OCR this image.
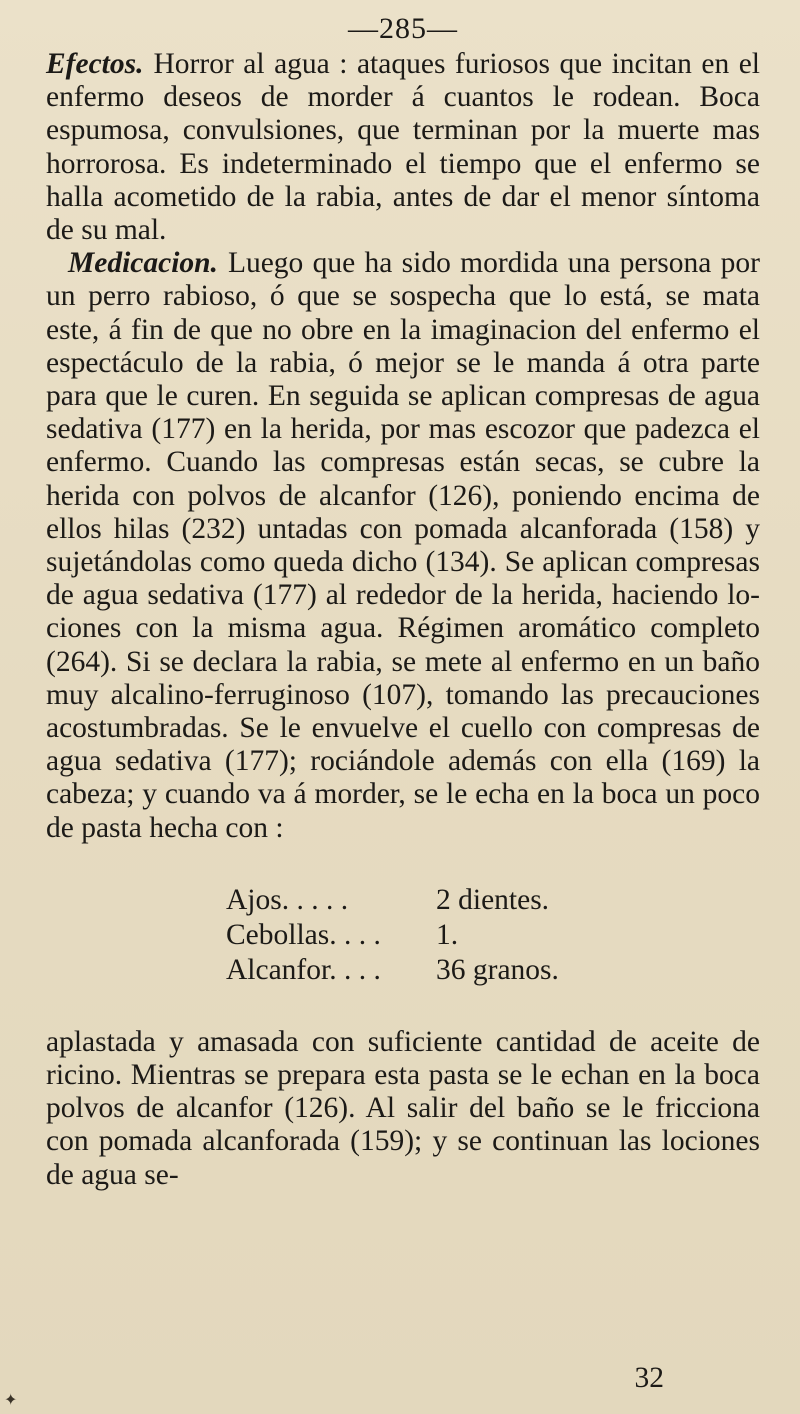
—285—

Efectos. Horror al agua : ataques furiosos que incitan en el enfermo deseos de morder á cuantos le rodean. Boca espumosa, convulsiones, que terminan por la muerte mas horrorosa. Es indeterminado el tiempo que el enfermo se halla acometido de la rabia, antes de dar el menor síntoma de su mal.

Medicacion. Luego que ha sido mordida una persona por un perro rabioso, ó que se sospecha que lo está, se mata este, á fin de que no obre en la imaginacion del enfermo el espectáculo de la rabia, ó mejor se le manda á otra parte para que le curen. En seguida se aplican compresas de agua sedativa (177) en la herida, por mas escozor que padezca el enfermo. Cuando las compresas están secas, se cubre la herida con polvos de alcanfor (126), poniendo encima de ellos hilas (232) untadas con pomada alcanforada (158) y sujetándolas como queda dicho (134). Se aplican compresas de agua sedativa (177) al rededor de la herida, haciendo lociones con la misma agua. Régimen aromático completo (264). Si se declara la rabia, se mete al enfermo en un baño muy alcalino-ferruginoso (107), tomando las precauciones acostumbradas. Se le envuelve el cuello con compresas de agua sedativa (177); rociándole además con ella (169) la cabeza; y cuando va á morder, se le echa en la boca un poco de pasta hecha con :

Ajos. . . . .	2 dientes.
Cebollas. . . .	1.
Alcanfor. . . .	36 granos.

aplastada y amasada con suficiente cantidad de aceite de ricino. Mientras se prepara esta pasta se le echan en la boca polvos de alcanfor (126). Al salir del baño se le fricciona con pomada alcanforada (159); y se continuan las lociones de agua se-

32
✦
